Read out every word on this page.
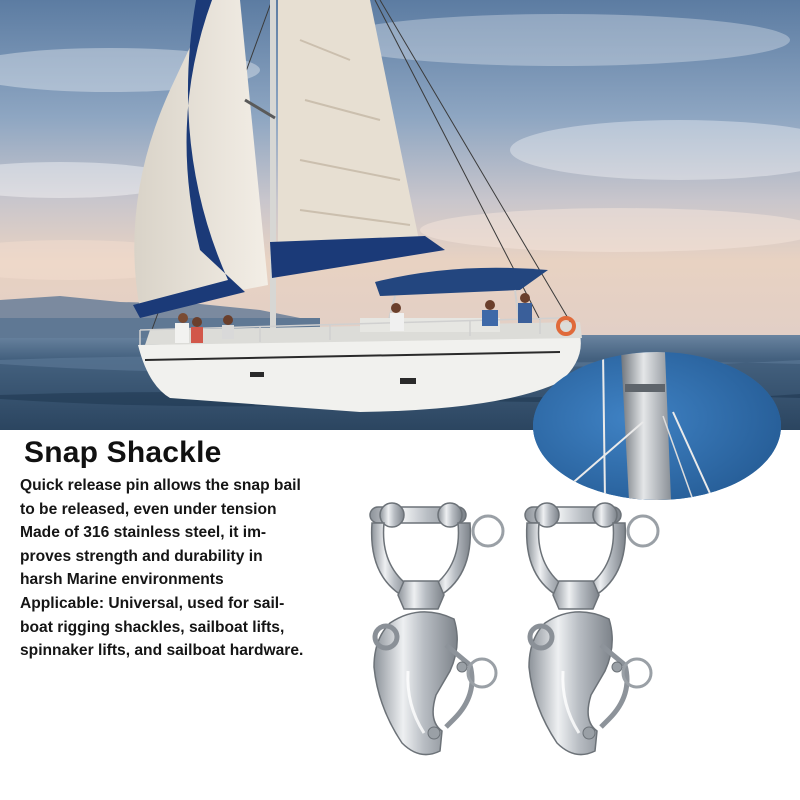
Snap Shackle
Quick release pin allows the snap bail
to be released, even under tension
Made of 316 stainless steel, it im-
proves strength and durability in
harsh Marine environments
Applicable: Universal, used for sail-
boat rigging shackles, sailboat lifts,
spinnaker lifts, and sailboat hardware.
